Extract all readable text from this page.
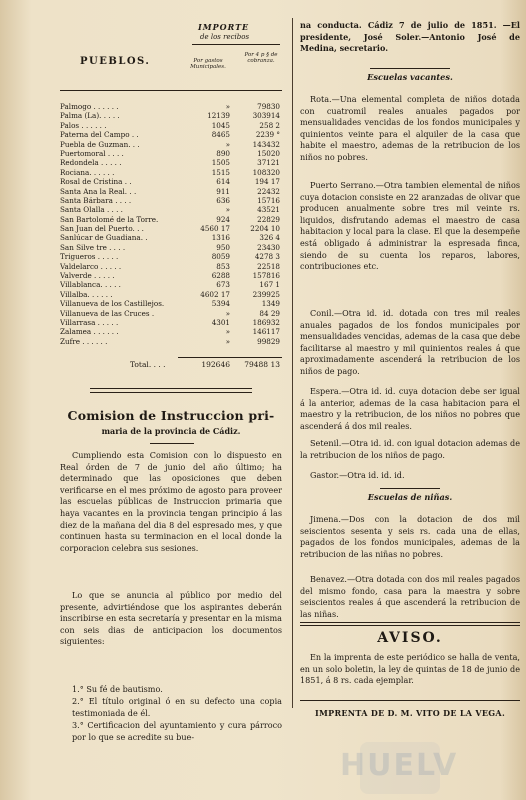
IMPORTE
de los recibos
PUEBLOS.	Por gastos Municipales.
Por 4 p § de cobranza.
Palmogo . . . . . .	»	79830
Palma (La). . . . .	12139	303914
Palos . . . . . .	1045	258 2
Paterna del Campo . .	8465	2239 °
Puebla de Guzman. . .	»	143432
Puertomoral . . . .	890	15020
Redondela . . . . .	1505	37121
Rociana. . . . . .	1515	108320
Rosal de Cristina . .	614	194 17
Santa Ana la Real. . .	911	22432
Santa Bárbara . . . .	636	15716
Santa Olalla . . . .	»	43521
San Bartolomé de la Torre.	924	22829
San Juan del Puerto. . .	4560 17	2204 10
Sanlúcar de Guadiana. .	1316	326 4
San Silve tre . . . .	950	23430
Trigueros . . . . .	8059	4278 3
Valdelarco . . . . .	853	22518
Valverde . . . . .	6288	157816
Villablanca. . . . .	673	167 1
Villalba. . . . . .	4602 17	239925
Villanueva de los Castillejos.	5394	1349
Villanueva de las Cruces .	»	84 29
Villarrasa . . . . .	4301	186932
Zalamea . . . . . .	»	146117
Zufre . . . . . .	»	99829
Total. . . .	192646	79488 13
Comision de Instruccion pri-
maria de la provincia de Cádiz.
Cumpliendo esta Comision con lo dispuesto en Real órden de 7 de junio del año último; ha determinado que las oposiciones que deben verificarse en el mes próximo de agosto para proveer las escuelas públicas de Instruccion primaria que haya vacantes en la provincia tengan principio á las diez de la mañana del dia 8 del espresado mes, y que continuen hasta su terminacion en el local donde la corporacion celebra sus sesiones.
Lo que se anuncia al público por medio del presente, advirtiéndose que los aspirantes deberán inscribirse en esta secretaría y presentar en la misma con seis dias de anticipacion los documentos siguientes:
1.° Su fé de bautismo.
2.° El título original ó en su defecto una copia testimoniada de él.
3.° Certificacion del ayuntamiento y cura párroco por lo que se acredite su bue-
na conducta. Cádiz 7 de julio de 1851. —El presidente, José Soler.—Antonio José de Medina, secretario.
Escuelas vacantes.
Rota.—Una elemental completa de niños dotada con cuatromil reales anuales pagados por mensualidades vencidas de los fondos municipales y quinientos veinte para el alquiler de la casa que habite el maestro, ademas de la retribucion de los niños no pobres.
Puerto Serrano.—Otra tambien elemental de niños cuya dotacion consiste en 22 aranzadas de olivar que producen anualmente sobre tres mil veinte rs. liquidos, disfrutando ademas el maestro de casa habitacion y local para la clase. El que la desempeñe está obligado á administrar la espresada finca, siendo de su cuenta los reparos, labores, contribuciones etc.
Conil.—Otra id. id. dotada con tres mil reales anuales pagados de los fondos municipales por mensualidades vencidas, ademas de la casa que debe facilitarse al maestro y mil quinientos reales á que aproximadamente ascenderá la retribucion de los niños de pago.
Espera.—Otra id. id. cuya dotacion debe ser igual á la anterior, ademas de la casa habitacion para el maestro y la retribucion, de los niños no pobres que ascenderá á dos mil reales.
Setenil.—Otra id. id. con igual dotacion ademas de la retribucion de los niños de pago.
Gastor.—Otra id. id. id.
Escuelas de niñas.
Jimena.—Dos con la dotacion de dos mil seiscientos sesenta y seis rs. cada una de ellas, pagados de los fondos municipales, ademas de la retribucion de las niñas no pobres.
Benavez.—Otra dotada con dos mil reales pagados del mismo fondo, casa para la maestra y sobre seiscientos reales á que ascenderá la retribucion de las niñas.
AVISO.
En la imprenta de este periódico se halla de venta, en un solo boletin, la ley de quintas de 18 de junio de 1851, á 8 rs. cada ejemplar.
IMPRENTA DE D. M. VITO DE LA VEGA.
HUELV
